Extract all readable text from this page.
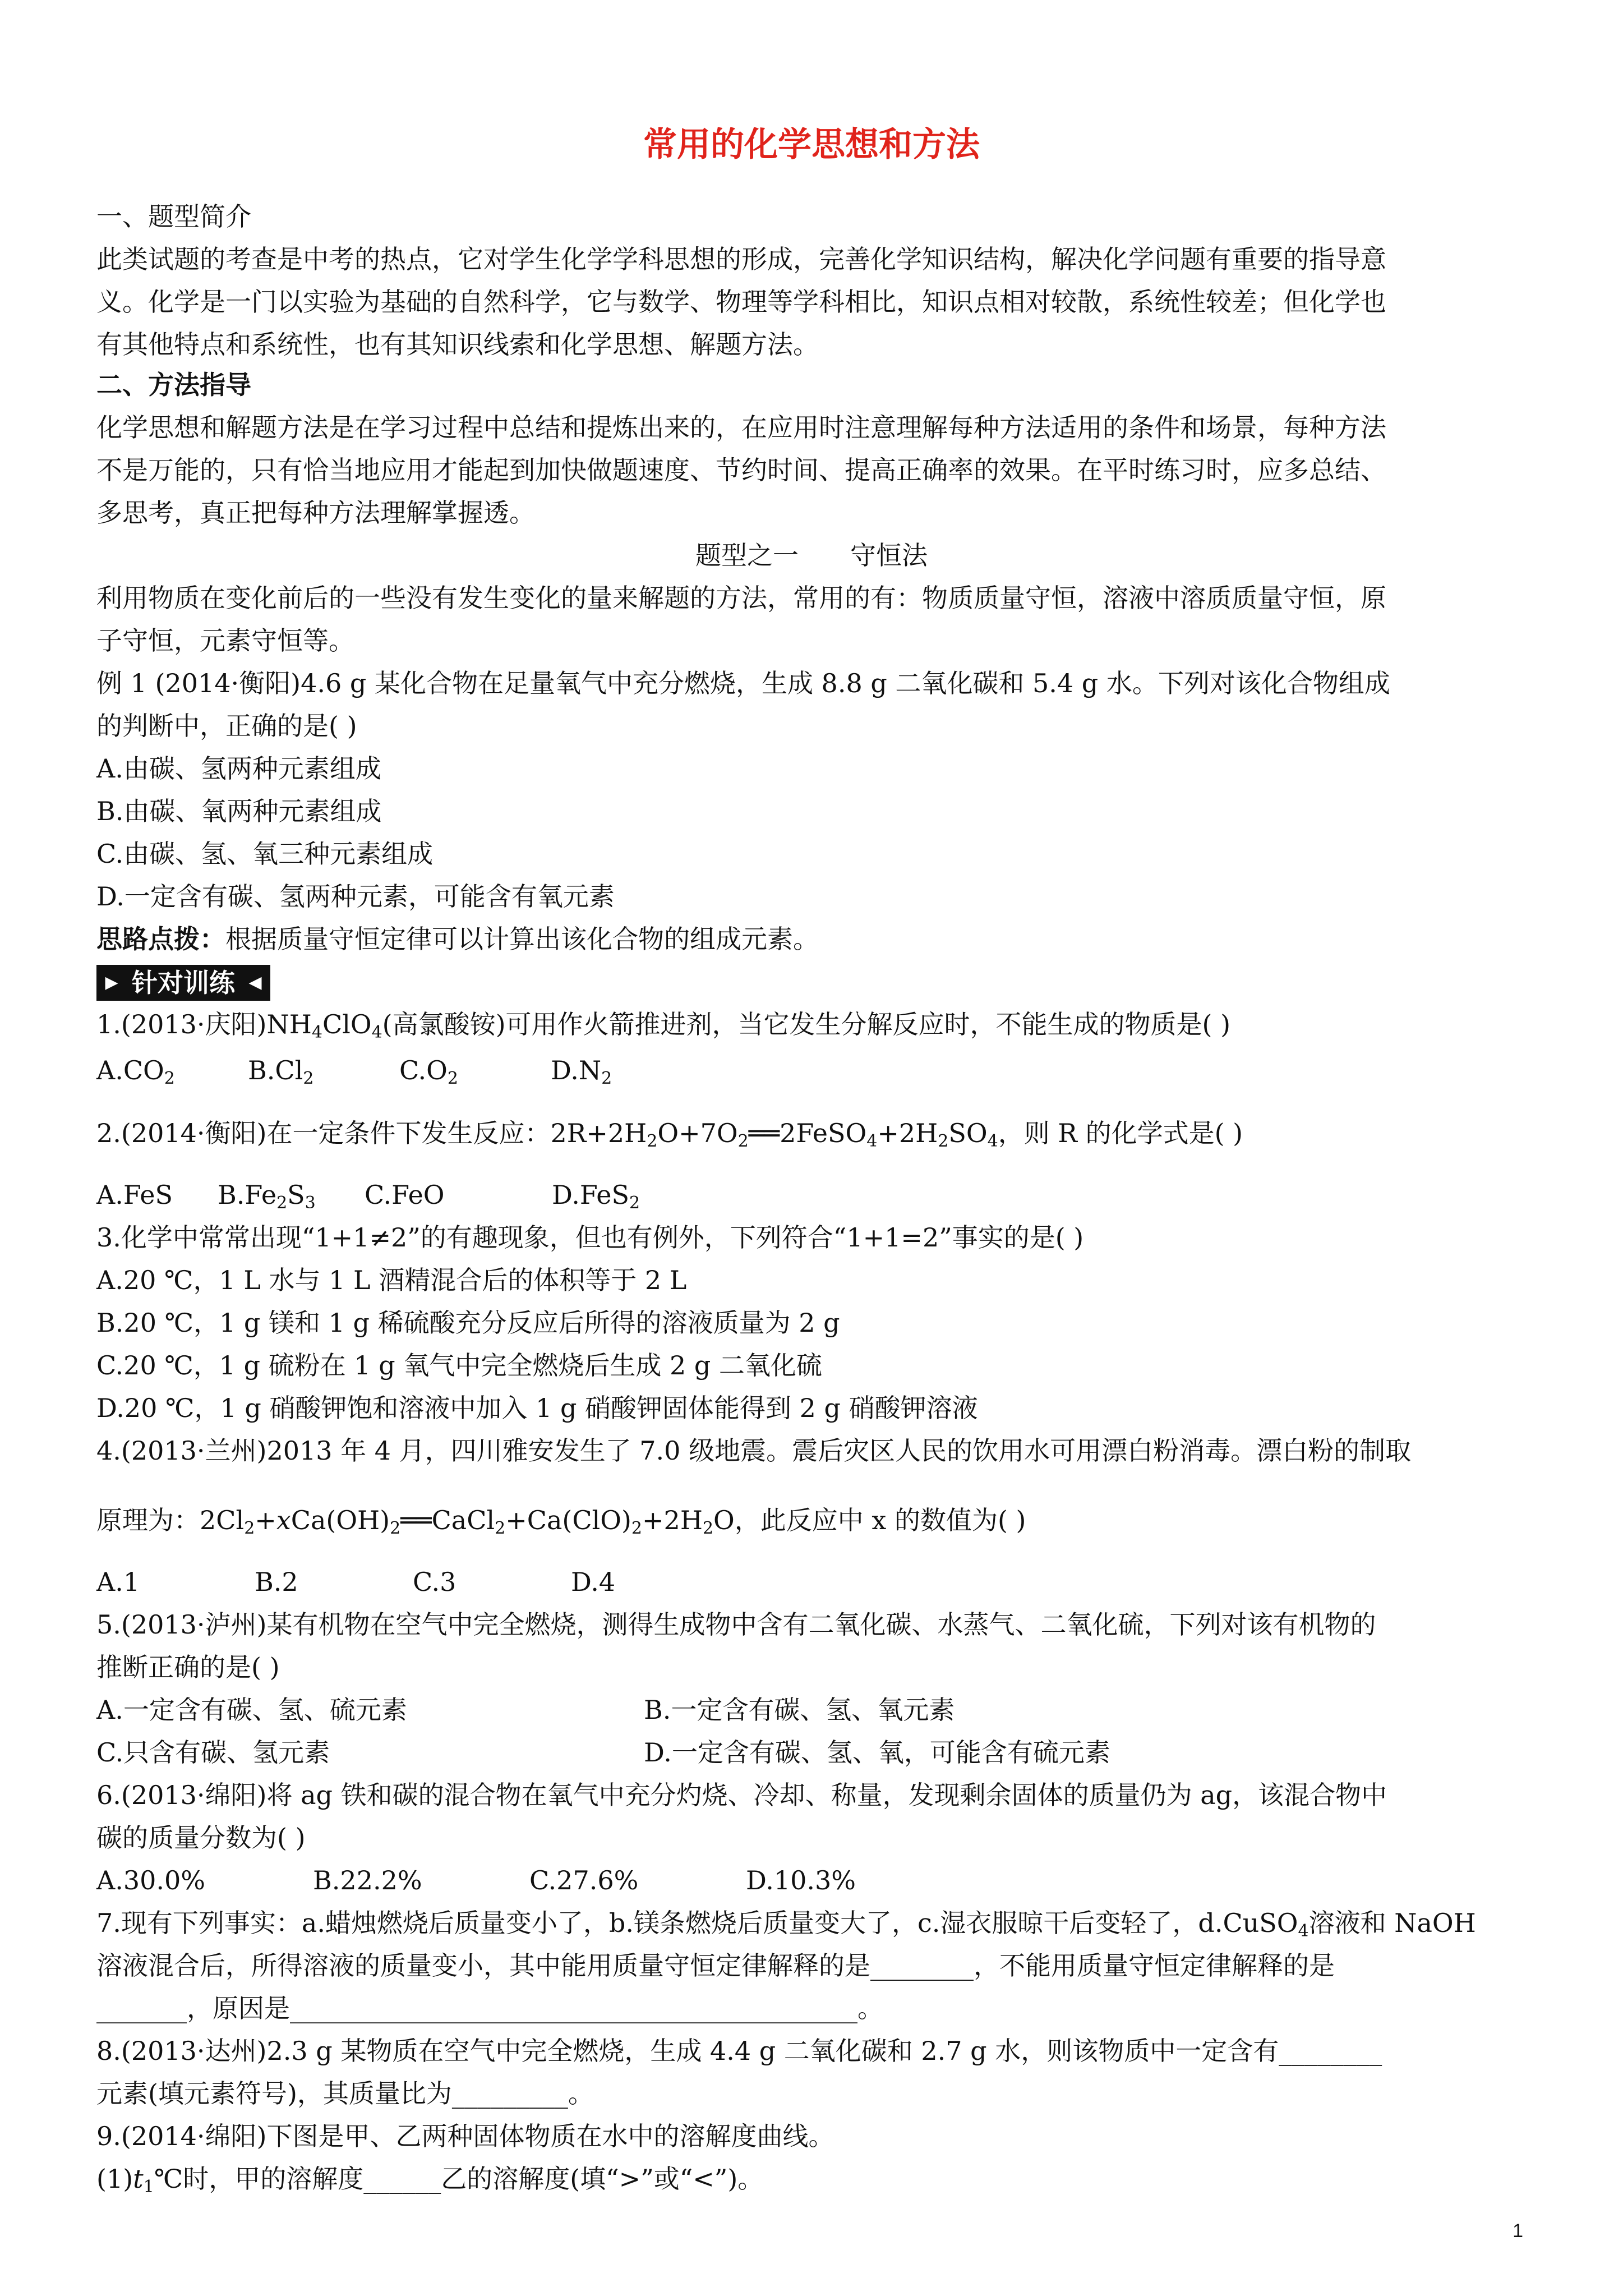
常用的化学思想和方法
一、题型简介
此类试题的考查是中考的热点，它对学生化学学科思想的形成，完善化学知识结构，解决化学问题有重要的指导意
义。化学是一门以实验为基础的自然科学，它与数学、物理等学科相比，知识点相对较散，系统性较差；但化学也
有其他特点和系统性，也有其知识线索和化学思想、解题方法。
二、方法指导
化学思想和解题方法是在学习过程中总结和提炼出来的，在应用时注意理解每种方法适用的条件和场景，每种方法
不是万能的，只有恰当地应用才能起到加快做题速度、节约时间、提高正确率的效果。在平时练习时，应多总结、
多思考，真正把每种方法理解掌握透。
题型之一　　守恒法
利用物质在变化前后的一些没有发生变化的量来解题的方法，常用的有：物质质量守恒，溶液中溶质质量守恒，原
子守恒，元素守恒等。
例 1 (2014·衡阳)4.6 g 某化合物在足量氧气中充分燃烧，生成 8.8 g 二氧化碳和 5.4 g 水。下列对该化合物组成
的判断中，正确的是( )
A.由碳、氢两种元素组成
B.由碳、氧两种元素组成
C.由碳、氢、氧三种元素组成
D.一定含有碳、氢两种元素，可能含有氧元素
思路点拨：根据质量守恒定律可以计算出该化合物的组成元素。
▶ 针对训练 ◀
1.(2013·庆阳)$NH_4ClO_4$(高氯酸铵)可用作火箭推进剂，当它发生分解反应时，不能生成的物质是( )
$A.CO_2$	$B.Cl_2$	$C.O_2$	$D.N_2$
2.(2014·衡阳)在一定条件下发生反应：$2R+2H_2O+7O_2══2FeSO_4+2H_2SO_4$，则 R 的化学式是( )
A.FeS $B.Fe_2S_3$ C.FeO	D.FeS$_2$
3.化学中常常出现“1+1≠2”的有趣现象，但也有例外，下列符合“1+1=2”事实的是( )
A.20 ℃，1 L 水与 1 L 酒精混合后的体积等于 2 L
B.20 ℃，1 g 镁和 1 g 稀硫酸充分反应后所得的溶液质量为 2 g
C.20 ℃，1 g 硫粉在 1 g 氧气中完全燃烧后生成 2 g 二氧化硫
D.20 ℃，1 g 硝酸钾饱和溶液中加入 1 g 硝酸钾固体能得到 2 g 硝酸钾溶液
4.(2013·兰州)2013 年 4 月，四川雅安发生了 7.0 级地震。震后灾区人民的饮用水可用漂白粉消毒。漂白粉的制取
原理为：$2Cl_2+xCa(OH)_2══CaCl_2+Ca(ClO)_2+2H_2O$，此反应中 x 的数值为( )
A.1	B.2	C.3	D.4
5.(2013·泸州)某有机物在空气中完全燃烧，测得生成物中含有二氧化碳、水蒸气、二氧化硫，下列对该有机物的
推断正确的是( )
A.一定含有碳、氢、硫元素	B.一定含有碳、氢、氧元素
C.只含有碳、氢元素	D.一定含有碳、氢、氧，可能含有硫元素
6.(2013·绵阳)将 ag 铁和碳的混合物在氧气中充分灼烧、冷却、称量，发现剩余固体的质量仍为 ag，该混合物中
碳的质量分数为( )
A.30.0%	B.22.2%	C.27.6%	D.10.3%
7.现有下列事实：a.蜡烛燃烧后质量变小了，b.镁条燃烧后质量变大了，c.湿衣服晾干后变轻了，d.CuSO$_4$溶液和 NaOH
溶液混合后，所得溶液的质量变小，其中能用质量守恒定律解释的是________，不能用质量守恒定律解释的是
_______，原因是____________________________________________。
8.(2013·达州)2.3 g 某物质在空气中完全燃烧，生成 4.4 g 二氧化碳和 2.7 g 水，则该物质中一定含有________
元素(填元素符号)，其质量比为_________。
9.(2014·绵阳)下图是甲、乙两种固体物质在水中的溶解度曲线。
$(1)t_1℃$时，甲的溶解度______乙的溶解度(填“>”或“<”)。
1
